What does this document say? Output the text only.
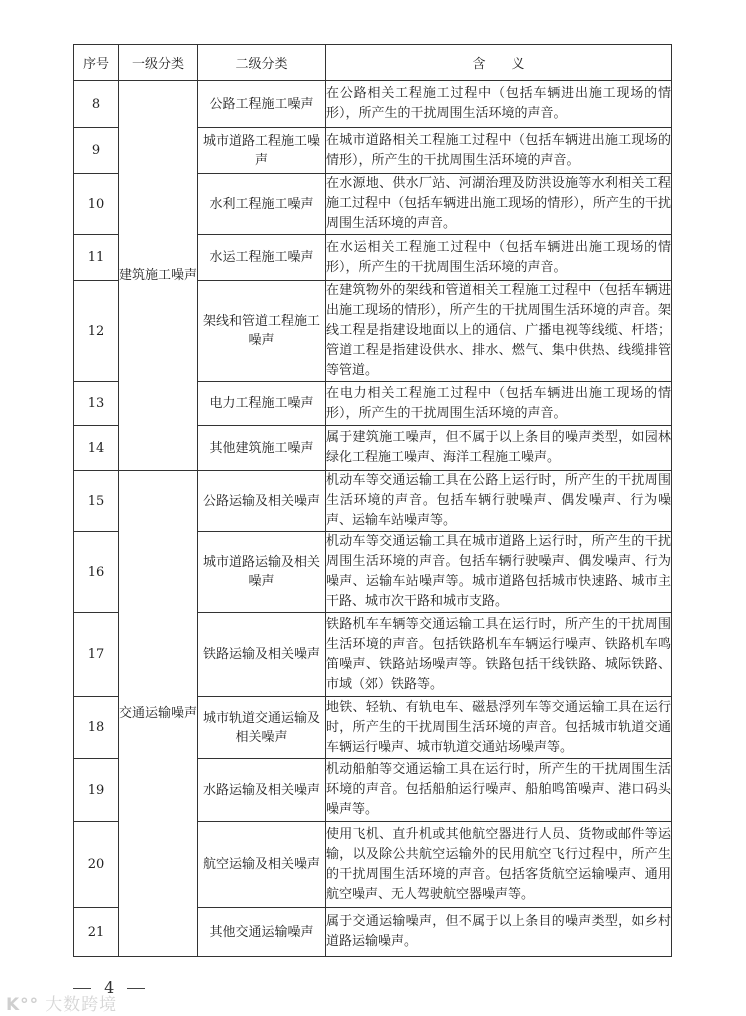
序号	一级分类	二级分类	含　　义
8	建筑施工噪声	公路工程施工噪声	在公路相关工程施工过程中（包括车辆进出施工现场的情形），所产生的干扰周围生活环境的声音。
9		城市道路工程施工噪声	在城市道路相关工程施工过程中（包括车辆进出施工现场的情形），所产生的干扰周围生活环境的声音。
10		水利工程施工噪声	在水源地、供水厂站、河湖治理及防洪设施等水利相关工程施工过程中（包括车辆进出施工现场的情形），所产生的干扰周围生活环境的声音。
11		水运工程施工噪声	在水运相关工程施工过程中（包括车辆进出施工现场的情形），所产生的干扰周围生活环境的声音。
12		架线和管道工程施工噪声	在建筑物外的架线和管道相关工程施工过程中（包括车辆进出施工现场的情形），所产生的干扰周围生活环境的声音。架线工程是指建设地面以上的通信、广播电视等线缆、杆塔；管道工程是指建设供水、排水、燃气、集中供热、线缆排管等管道。
13		电力工程施工噪声	在电力相关工程施工过程中（包括车辆进出施工现场的情形），所产生的干扰周围生活环境的声音。
14		其他建筑施工噪声	属于建筑施工噪声，但不属于以上条目的噪声类型，如园林绿化工程施工噪声、海洋工程施工噪声。
15	交通运输噪声	公路运输及相关噪声	机动车等交通运输工具在公路上运行时，所产生的干扰周围生活环境的声音。包括车辆行驶噪声、偶发噪声、行为噪声、运输车站噪声等。
16		城市道路运输及相关噪声	机动车等交通运输工具在城市道路上运行时，所产生的干扰周围生活环境的声音。包括车辆行驶噪声、偶发噪声、行为噪声、运输车站噪声等。城市道路包括城市快速路、城市主干路、城市次干路和城市支路。
17		铁路运输及相关噪声	铁路机车车辆等交通运输工具在运行时，所产生的干扰周围生活环境的声音。包括铁路机车车辆运行噪声、铁路机车鸣笛噪声、铁路站场噪声等。铁路包括干线铁路、城际铁路、市域（郊）铁路等。
18		城市轨道交通运输及相关噪声	地铁、轻轨、有轨电车、磁悬浮列车等交通运输工具在运行时，所产生的干扰周围生活环境的声音。包括城市轨道交通车辆运行噪声、城市轨道交通站场噪声等。
19		水路运输及相关噪声	机动船舶等交通运输工具在运行时，所产生的干扰周围生活环境的声音。包括船舶运行噪声、船舶鸣笛噪声、港口码头噪声等。
20		航空运输及相关噪声	使用飞机、直升机或其他航空器进行人员、货物或邮件等运输，以及除公共航空运输外的民用航空飞行过程中，所产生的干扰周围生活环境的声音。包括客货航空运输噪声、通用航空噪声、无人驾驶航空器噪声等。
21		其他交通运输噪声	属于交通运输噪声，但不属于以上条目的噪声类型，如乡村道路运输噪声。
4
K°° 大数跨境
